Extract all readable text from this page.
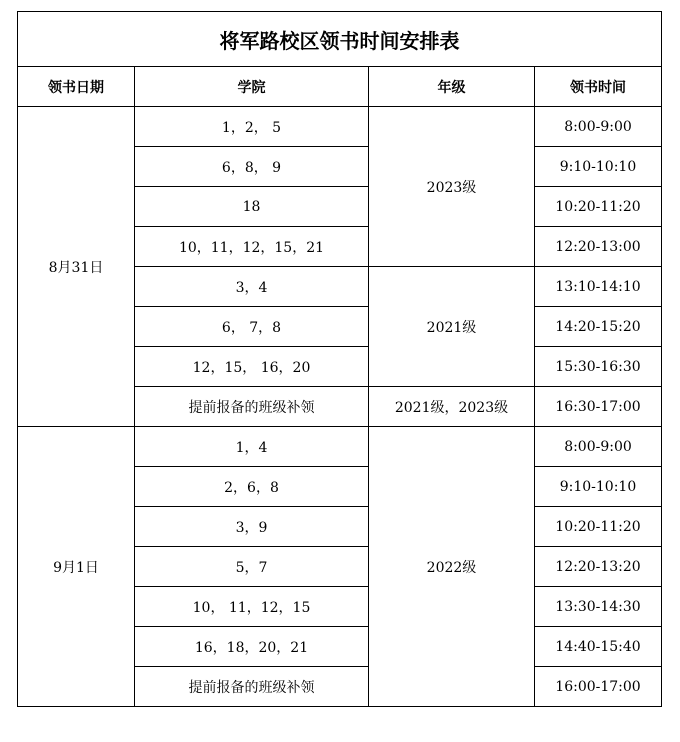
将军路校区领书时间安排表			
领书日期	学院	年级	领书时间
8月31日	1，2， 5	2023级	8:00-9:00
	6，8， 9		9:10-10:10
	18		10:20-11:20
	10，11，12，15，21		12:20-13:00
	3，4	2021级	13:10-14:10
	6， 7，8		14:20-15:20
	12，15， 16，20		15:30-16:30
	提前报备的班级补领	2021级，2023级	16:30-17:00
9月1日	1，4	2022级	8:00-9:00
	2，6，8		9:10-10:10
	3，9		10:20-11:20
	5，7		12:20-13:20
	10， 11，12，15		13:30-14:30
	16，18，20，21		14:40-15:40
	提前报备的班级补领		16:00-17:00
